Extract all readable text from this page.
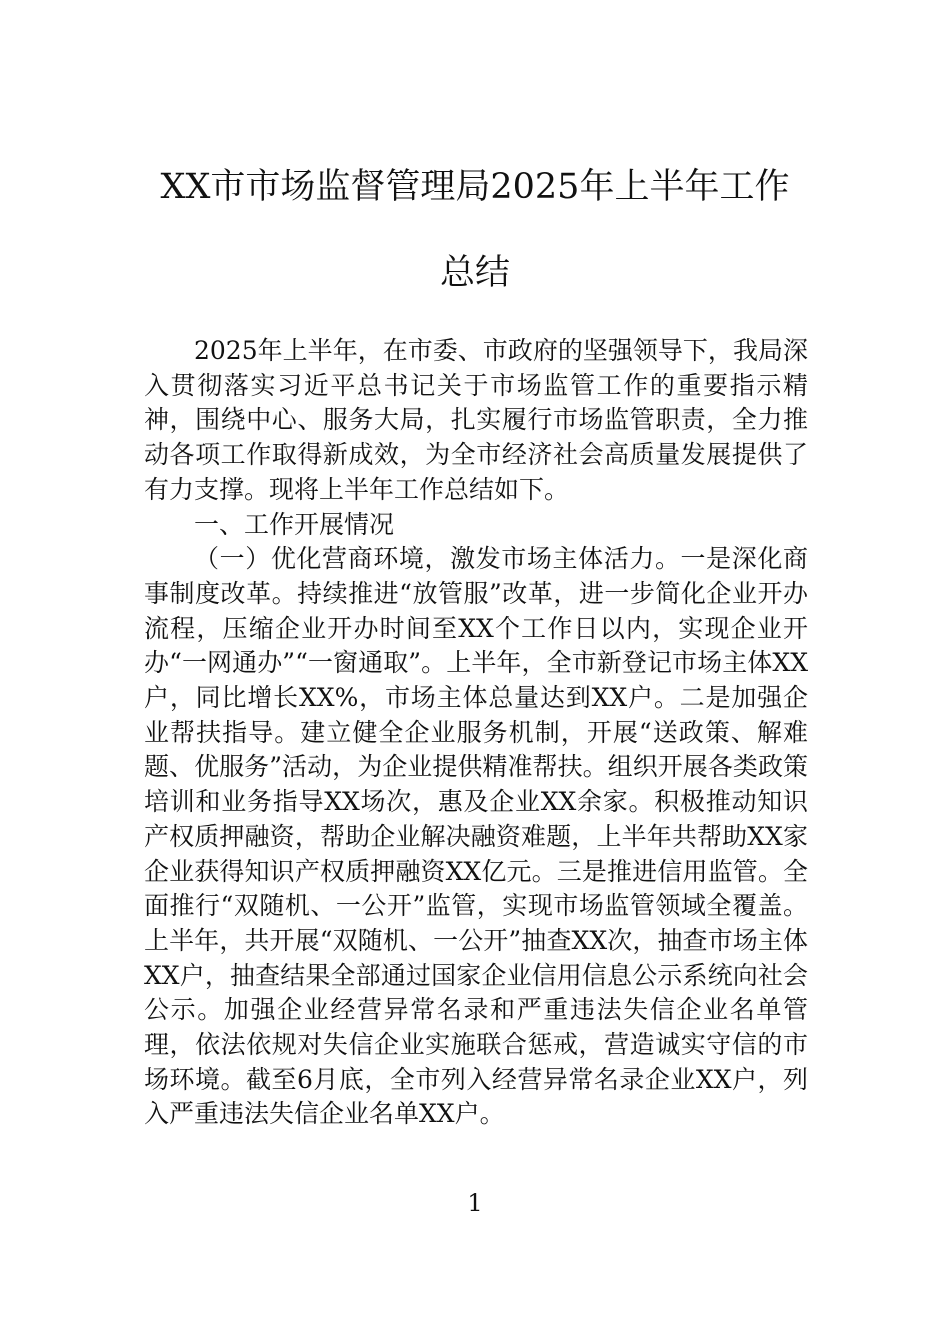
XX市市场监督管理局2025年上半年工作
总结

2025年上半年，在市委、市政府的坚强领导下，我局深入贯彻落实习近平总书记关于市场监管工作的重要指示精神，围绕中心、服务大局，扎实履行市场监管职责，全力推动各项工作取得新成效，为全市经济社会高质量发展提供了有力支撑。现将上半年工作总结如下。

一、工作开展情况

（一）优化营商环境，激发市场主体活力。一是深化商事制度改革。持续推进“放管服”改革，进一步简化企业开办流程，压缩企业开办时间至XX个工作日以内，实现企业开办“一网通办”“一窗通取”。上半年，全市新登记市场主体XX户，同比增长XX%，市场主体总量达到XX户。二是加强企业帮扶指导。建立健全企业服务机制，开展“送政策、解难题、优服务”活动，为企业提供精准帮扶。组织开展各类政策培训和业务指导XX场次，惠及企业XX余家。积极推动知识产权质押融资，帮助企业解决融资难题，上半年共帮助XX家企业获得知识产权质押融资XX亿元。三是推进信用监管。全面推行“双随机、一公开”监管，实现市场监管领域全覆盖。上半年，共开展“双随机、一公开”抽查XX次，抽查市场主体XX户，抽查结果全部通过国家企业信用信息公示系统向社会公示。加强企业经营异常名录和严重违法失信企业名单管理，依法依规对失信企业实施联合惩戒，营造诚实守信的市场环境。截至6月底，全市列入经营异常名录企业XX户，列入严重违法失信企业名单XX户。

1
